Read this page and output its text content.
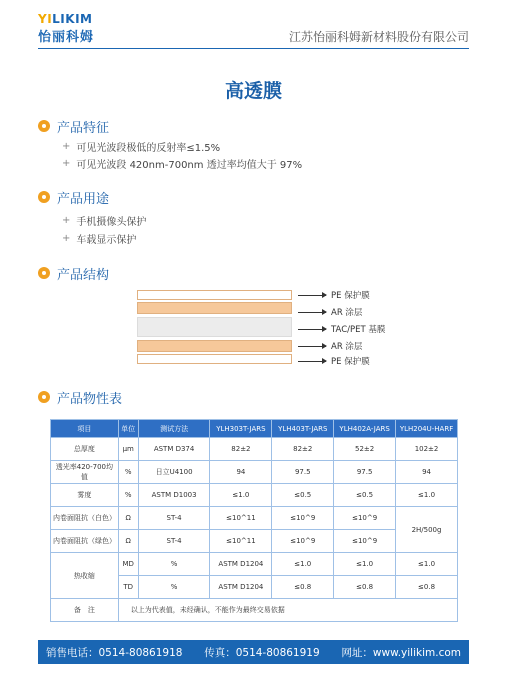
YILIKIM
怡丽科姆	江苏怡丽科姆新材料股份有限公司
高透膜
产品特征
+ 可见光波段极低的反射率≤1.5%
+ 可见光波段 420nm-700nm 透过率均值大于 97%
产品用途
+ 手机摄像头保护
+ 车载显示保护
产品结构
PE 保护膜
AR 涂层
TAC/PET 基膜
AR 涂层
PE 保护膜
产品物性表
项目	单位	测试方法	YLH303T-JARS	YLH403T-JARS	YLH402A-JARS	YLH204U-HARF
总厚度	μm	ASTM D374	82±2	82±2	52±2	102±2
透光率420-700均值	%	日立U4100	94	97.5	97.5	94
雾度	%	ASTM D1003	≤1.0	≤0.5	≤0.5	≤1.0
内卷面阻抗（白色）	Ω	ST-4	≤10^11	≤10^9	≤10^9	2H/500g
内卷面阻抗（绿色）	Ω	ST-4	≤10^11	≤10^9	≤10^9	
热收缩	MD	%	ASTM D1204	≤1.0	≤1.0	≤1.0
	TD	%	ASTM D1204	≤0.8	≤0.8	≤0.8
备　注	以上为代表值，未经确认，不能作为最终交易依据					
销售电话：0514-80861918 传真：0514-80861919 网址：www.yilikim.com
